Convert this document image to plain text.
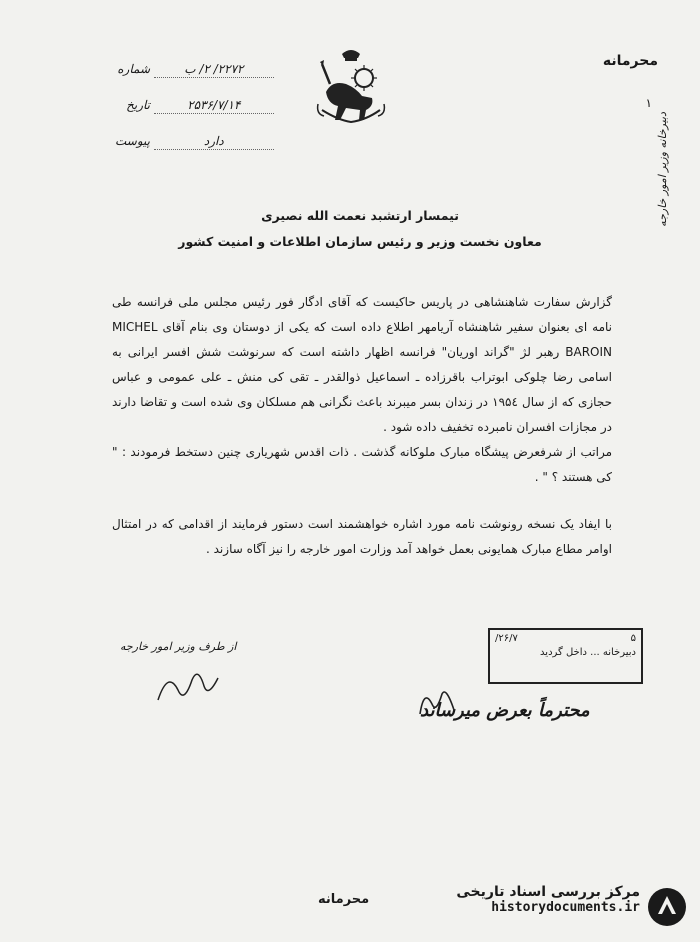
محرمانه
۱
دبیرخانه وزیر امور خارجه
شماره	۲۲۷۲/ ۲/ ب
تاریخ	۲۵۳۶/۷/۱۴
پیوست	دارد
تیمسار ارتشبد نعمت الله نصیری
معاون نخست وزیر و رئیس سازمان اطلاعات و امنیت کشور

گزارش سفارت شاهنشاهی در پاریس حاکیست که آقای ادگار فور رئیس مجلس ملی فرانسه طی نامه ای بعنوان سفیر شاهنشاه آریامهر اطلاع داده است که یکی از دوستان وی بنام آقای MICHEL BAROIN رهبر لژ "گراند اوریان" فرانسه اظهار داشته است که سرنوشت شش افسر ایرانی به اسامی رضا چلوکی ابوتراب باقرزاده ـ اسماعیل ذوالقدر ـ تقی کی منش ـ علی عمومی و عباس حجازی که از سال ۱۹۵٤ در زندان بسر میبرند باعث نگرانی هم مسلکان وی شده است و تقاضا دارند در مجازات افسران نامبرده تخفیف داده شود .

مراتب از شرفعرض پیشگاه مبارک ملوکانه گذشت . ذات اقدس شهریاری چنین دستخط فرمودند : " کی هستند ؟ " .

با ایفاد یک نسخه رونوشت نامه مورد اشاره خواهشمند است دستور فرمایند از اقدامی که در امتثال اوامر مطاع مبارک همایونی بعمل خواهد آمد وزارت امور خارجه را نیز آگاه سازند .

از طرف وزیر امور خارجه
۵
۲۶/۷/
دبیرخانه ... داخل گردید
محترماً بعرض میرساند
محرمانه	مرکز بررسی اسناد تاریخی
historydocuments.ir
